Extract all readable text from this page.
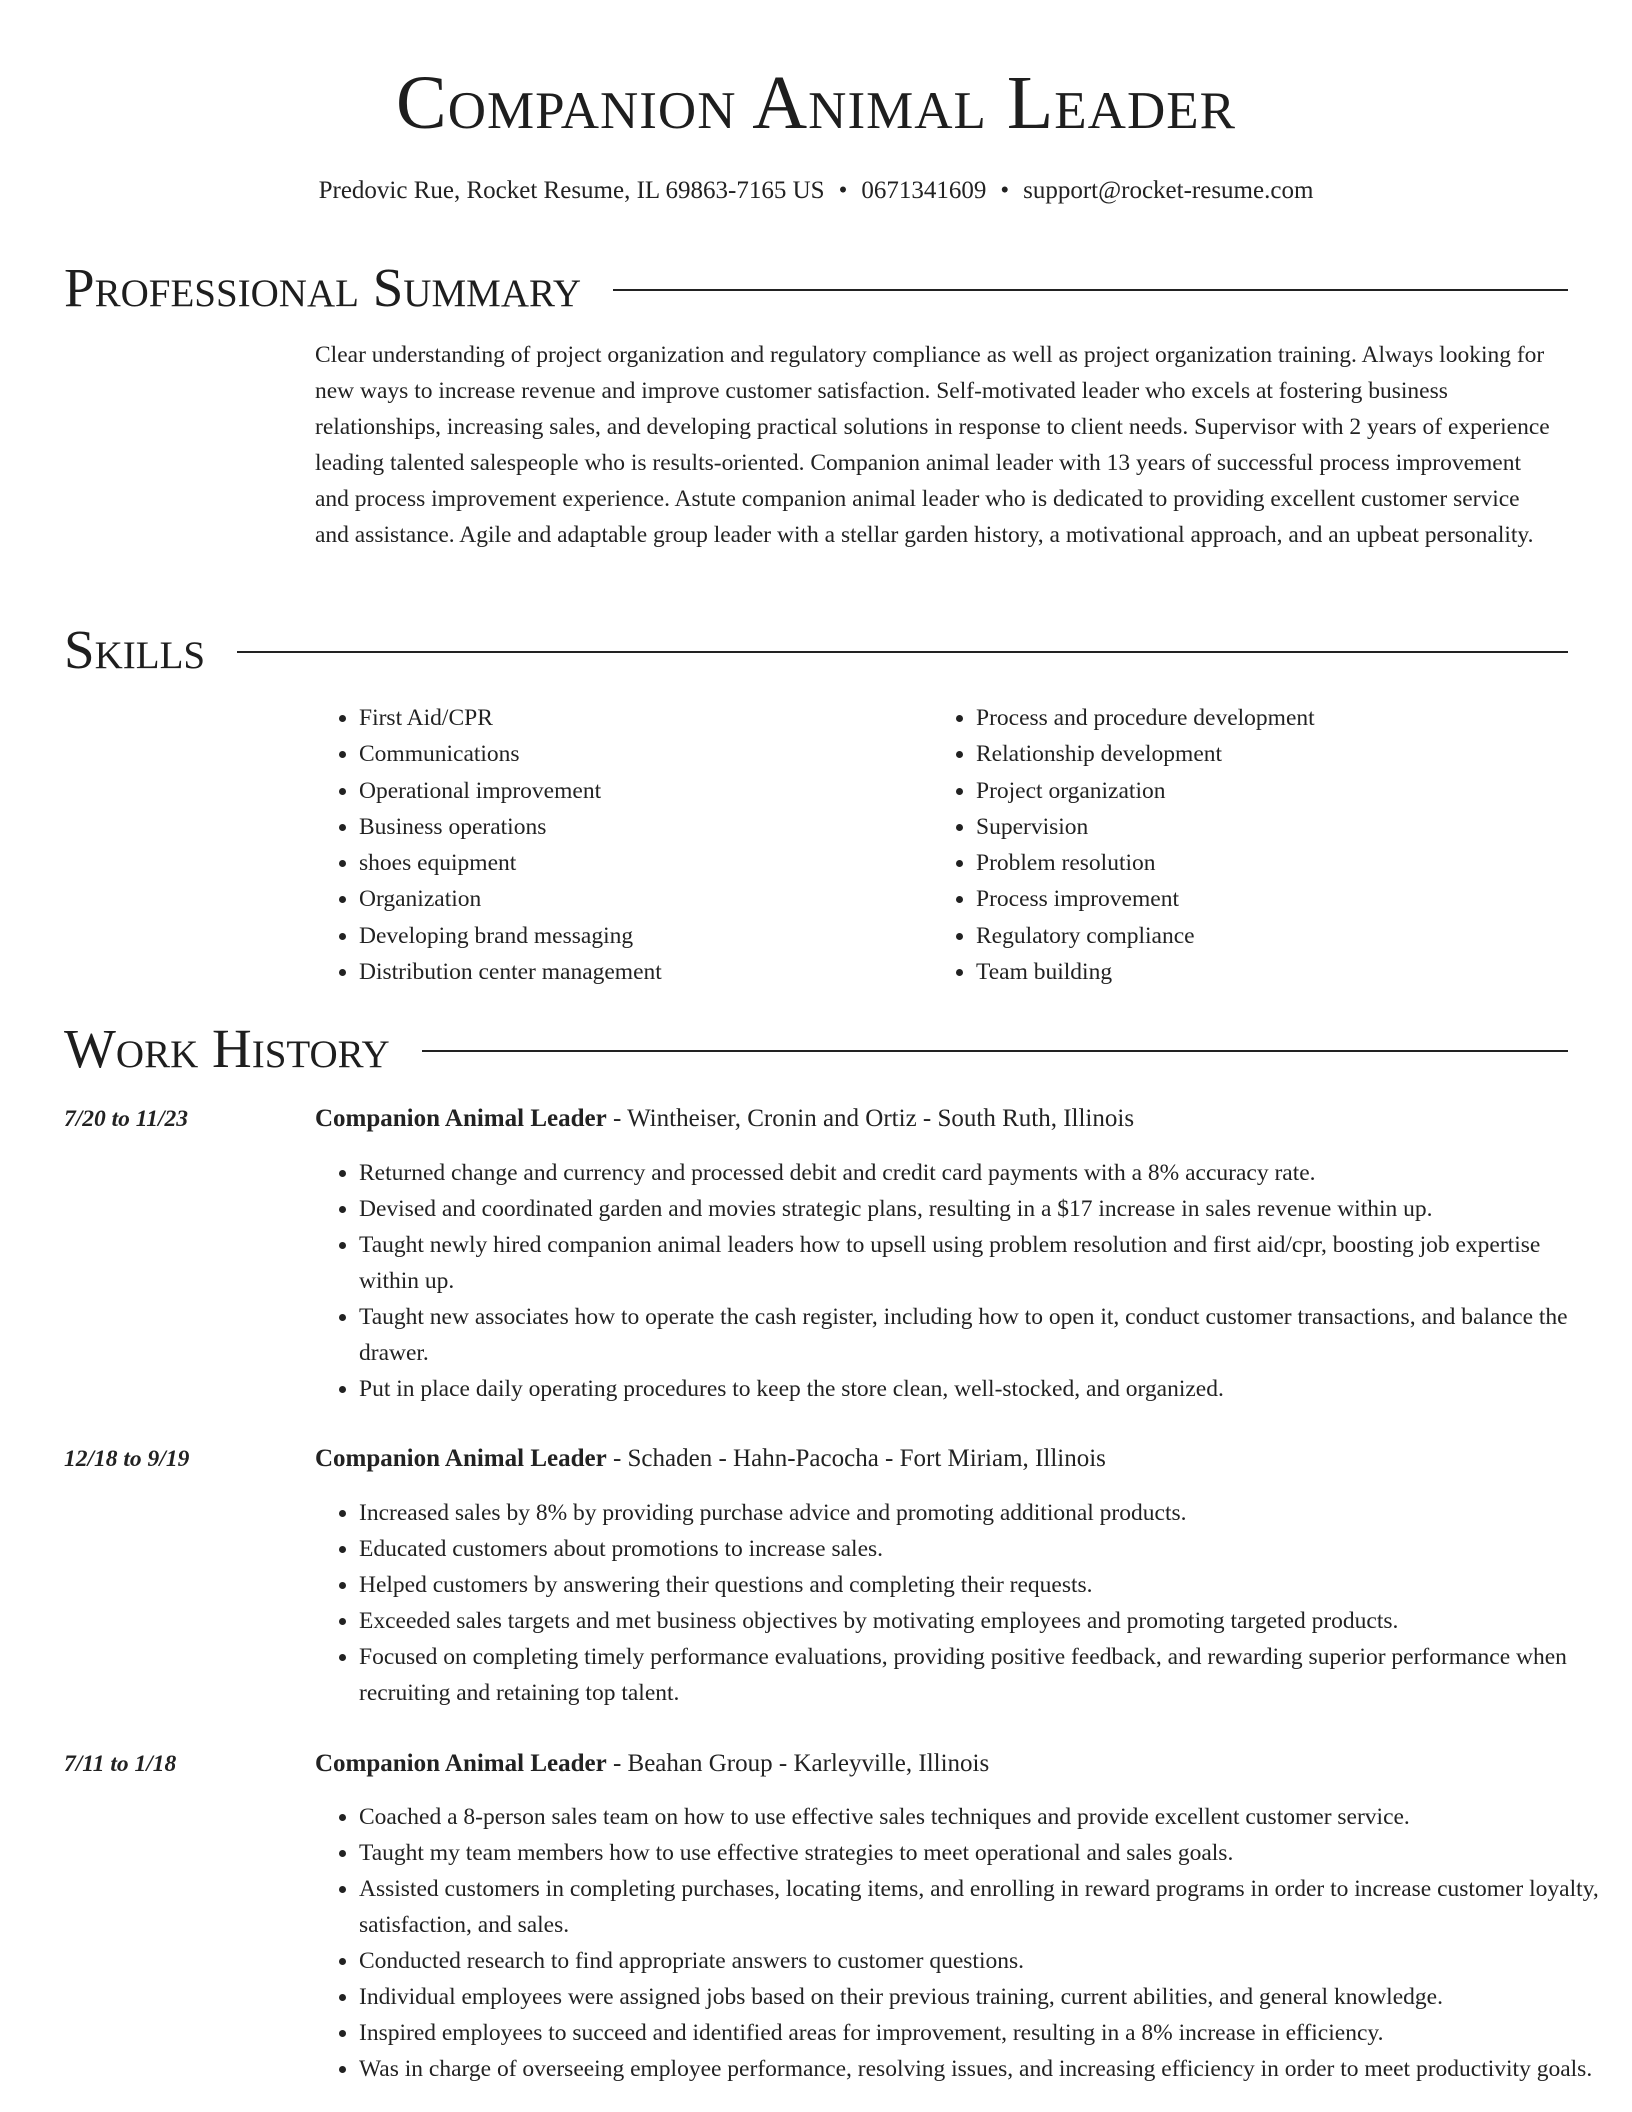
Companion Animal Leader
Predovic Rue, Rocket Resume, IL 69863-7165 US • 0671341609 • support@rocket-resume.com
Professional Summary
Clear understanding of project organization and regulatory compliance as well as project organization training. Always looking for new ways to increase revenue and improve customer satisfaction. Self-motivated leader who excels at fostering business relationships, increasing sales, and developing practical solutions in response to client needs. Supervisor with 2 years of experience leading talented salespeople who is results-oriented. Companion animal leader with 13 years of successful process improvement and process improvement experience. Astute companion animal leader who is dedicated to providing excellent customer service and assistance. Agile and adaptable group leader with a stellar garden history, a motivational approach, and an upbeat personality.
Skills
• First Aid/CPR
• Communications
• Operational improvement
• Business operations
• shoes equipment
• Organization
• Developing brand messaging
• Distribution center management
• Process and procedure development
• Relationship development
• Project organization
• Supervision
• Problem resolution
• Process improvement
• Regulatory compliance
• Team building
Work History
7/20 to 11/23	Companion Animal Leader - Wintheiser, Cronin and Ortiz - South Ruth, Illinois
• Returned change and currency and processed debit and credit card payments with a 8% accuracy rate.
• Devised and coordinated garden and movies strategic plans, resulting in a $17 increase in sales revenue within up.
• Taught newly hired companion animal leaders how to upsell using problem resolution and first aid/cpr, boosting job expertise within up.
• Taught new associates how to operate the cash register, including how to open it, conduct customer transactions, and balance the drawer.
• Put in place daily operating procedures to keep the store clean, well-stocked, and organized.
12/18 to 9/19	Companion Animal Leader - Schaden - Hahn-Pacocha - Fort Miriam, Illinois
• Increased sales by 8% by providing purchase advice and promoting additional products.
• Educated customers about promotions to increase sales.
• Helped customers by answering their questions and completing their requests.
• Exceeded sales targets and met business objectives by motivating employees and promoting targeted products.
• Focused on completing timely performance evaluations, providing positive feedback, and rewarding superior performance when recruiting and retaining top talent.
7/11 to 1/18	Companion Animal Leader - Beahan Group - Karleyville, Illinois
• Coached a 8-person sales team on how to use effective sales techniques and provide excellent customer service.
• Taught my team members how to use effective strategies to meet operational and sales goals.
• Assisted customers in completing purchases, locating items, and enrolling in reward programs in order to increase customer loyalty, satisfaction, and sales.
• Conducted research to find appropriate answers to customer questions.
• Individual employees were assigned jobs based on their previous training, current abilities, and general knowledge.
• Inspired employees to succeed and identified areas for improvement, resulting in a 8% increase in efficiency.
• Was in charge of overseeing employee performance, resolving issues, and increasing efficiency in order to meet productivity goals.
